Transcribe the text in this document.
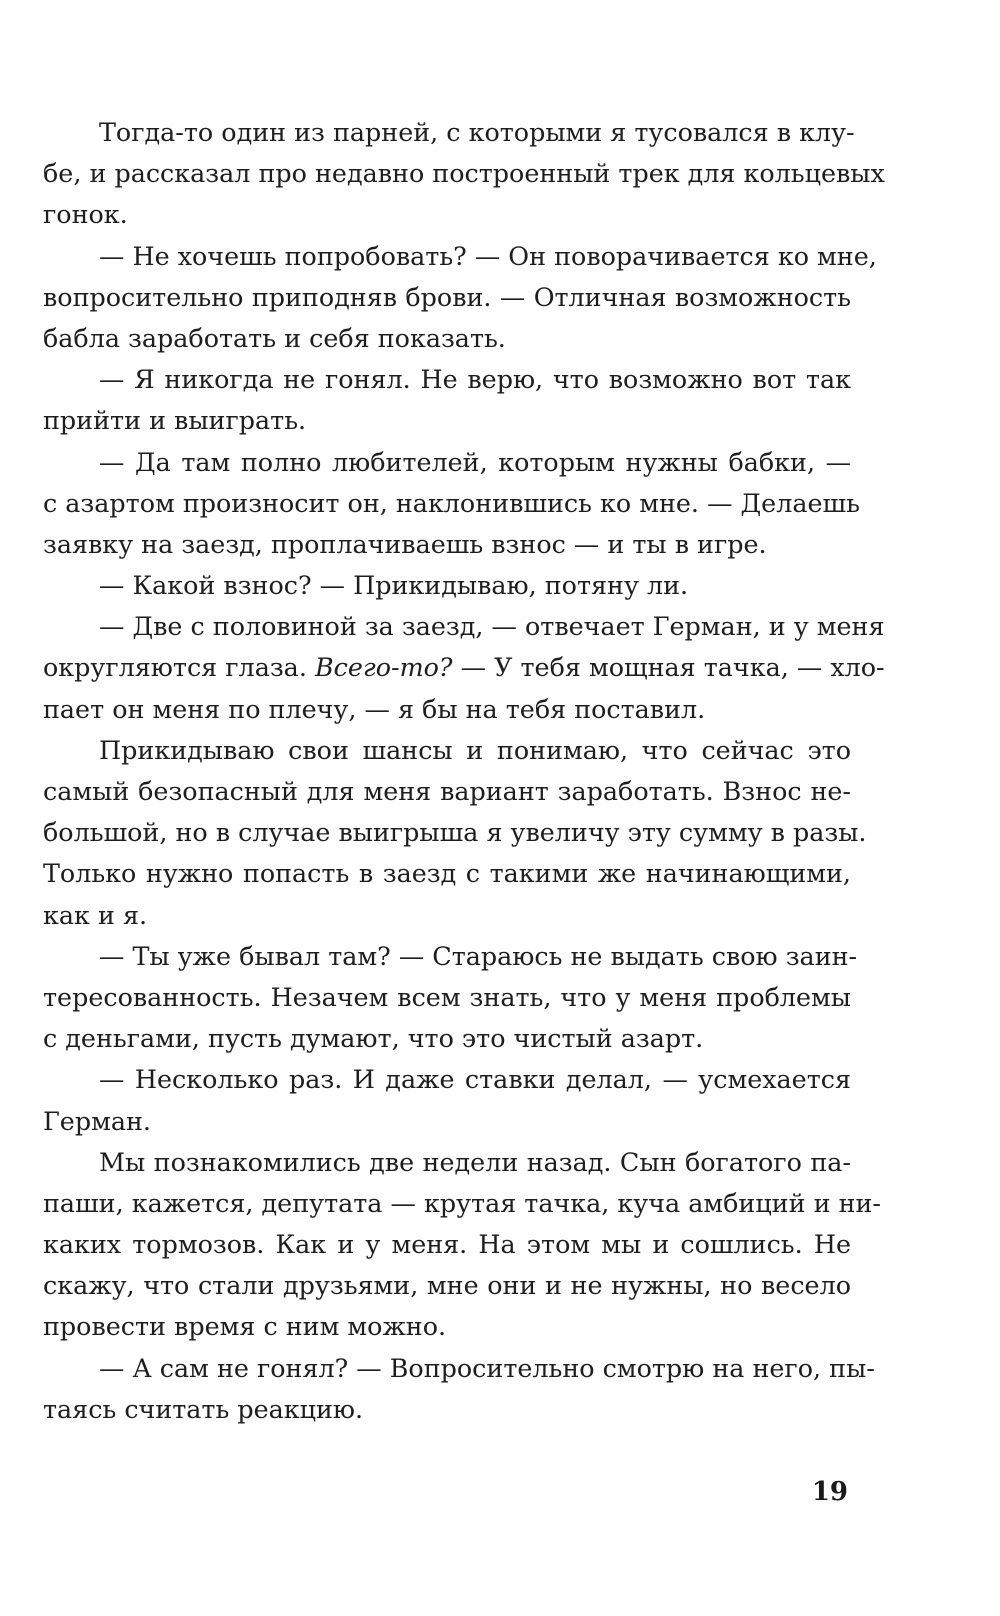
Тогда-то один из парней, с которыми я тусовался в клу-
бе, и рассказал про недавно построенный трек для кольцевых
гонок.
— Не хочешь попробовать? — Он поворачивается ко мне,
вопросительно приподняв брови. — Отличная возможность
бабла заработать и себя показать.
— Я никогда не гонял. Не верю, что возможно вот так
прийти и выиграть.
— Да там полно любителей, которым нужны бабки, —
с азартом произносит он, наклонившись ко мне. — Делаешь
заявку на заезд, проплачиваешь взнос — и ты в игре.
— Какой взнос? — Прикидываю, потяну ли.
— Две с половиной за заезд, — отвечает Герман, и у меня
округляются глаза. Всего-то? — У тебя мощная тачка, — хло-
пает он меня по плечу, — я бы на тебя поставил.
Прикидываю свои шансы и понимаю, что сейчас это
самый безопасный для меня вариант заработать. Взнос не-
большой, но в случае выигрыша я увеличу эту сумму в разы.
Только нужно попасть в заезд с такими же начинающими,
как и я.
— Ты уже бывал там? — Стараюсь не выдать свою заин-
тересованность. Незачем всем знать, что у меня проблемы
с деньгами, пусть думают, что это чистый азарт.
— Несколько раз. И даже ставки делал, — усмехается
Герман.
Мы познакомились две недели назад. Сын богатого па-
паши, кажется, депутата — крутая тачка, куча амбиций и ни-
каких тормозов. Как и у меня. На этом мы и сошлись. Не
скажу, что стали друзьями, мне они и не нужны, но весело
провести время с ним можно.
— А сам не гонял? — Вопросительно смотрю на него, пы-
таясь считать реакцию.
19
